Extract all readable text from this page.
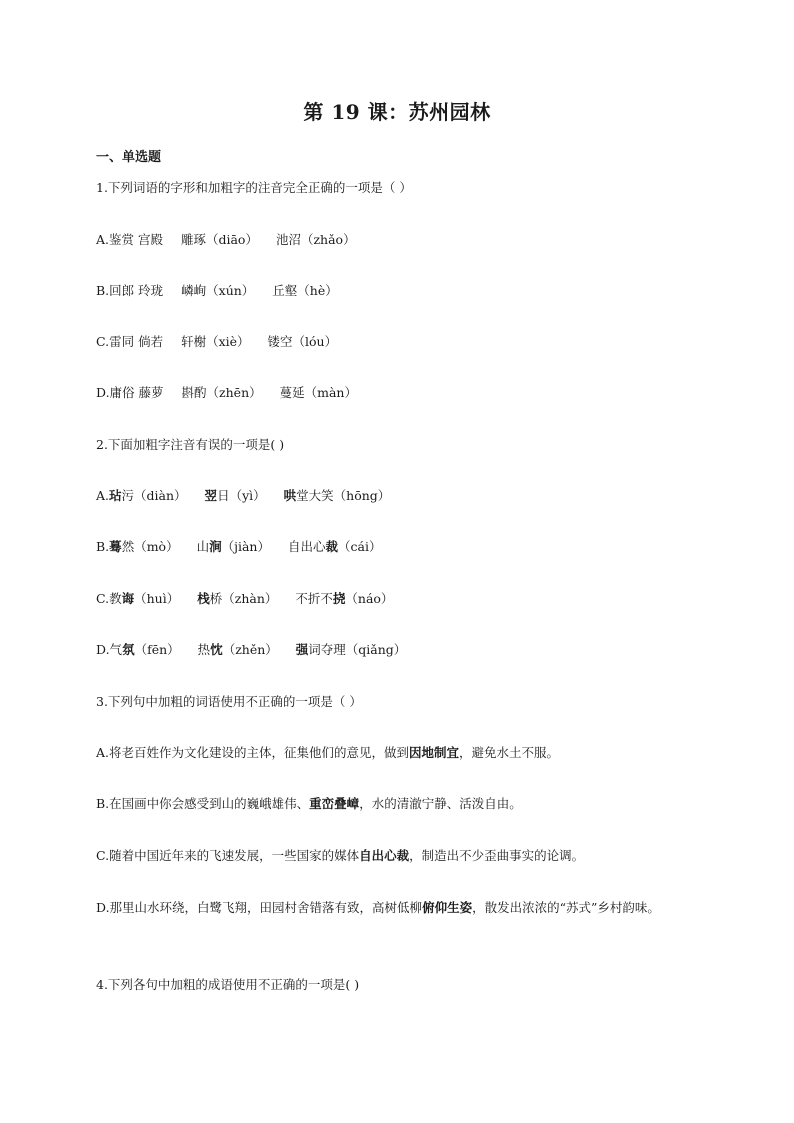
第 19 课：苏州园林
一、单选题
1.下列词语的字形和加粗字的注音完全正确的一项是（ ）
A.鉴赏 宫殿 雕琢（diāo） 池沼（zhǎo）
B.回郎 玲珑 嶙峋（xún） 丘壑（hè）
C.雷同 倘若 轩榭（xiè） 镂空（lóu）
D.庸俗 藤萝 斟酌（zhēn） 蔓延（màn）
2.下面加粗字注音有误的一项是( )
A.玷污（diàn） 翌日（yì） 哄堂大笑（hōng）
B.蓦然（mò） 山涧（jiàn） 自出心裁（cái）
C.教诲（huì） 栈桥（zhàn） 不折不挠（náo）
D.气氛（fēn） 热忱（zhěn） 强词夺理（qiǎng）
3.下列句中加粗的词语使用不正确的一项是（ ）
A.将老百姓作为文化建设的主体，征集他们的意见，做到因地制宜，避免水土不服。
B.在国画中你会感受到山的巍峨雄伟、重峦叠嶂，水的清澈宁静、活泼自由。
C.随着中国近年来的飞速发展，一些国家的媒体自出心裁，制造出不少歪曲事实的论调。
D.那里山水环绕，白鹭飞翔，田园村舍错落有致，高树低柳俯仰生姿，散发出浓浓的“苏式”乡村韵味。
4.下列各句中加粗的成语使用不正确的一项是( )
